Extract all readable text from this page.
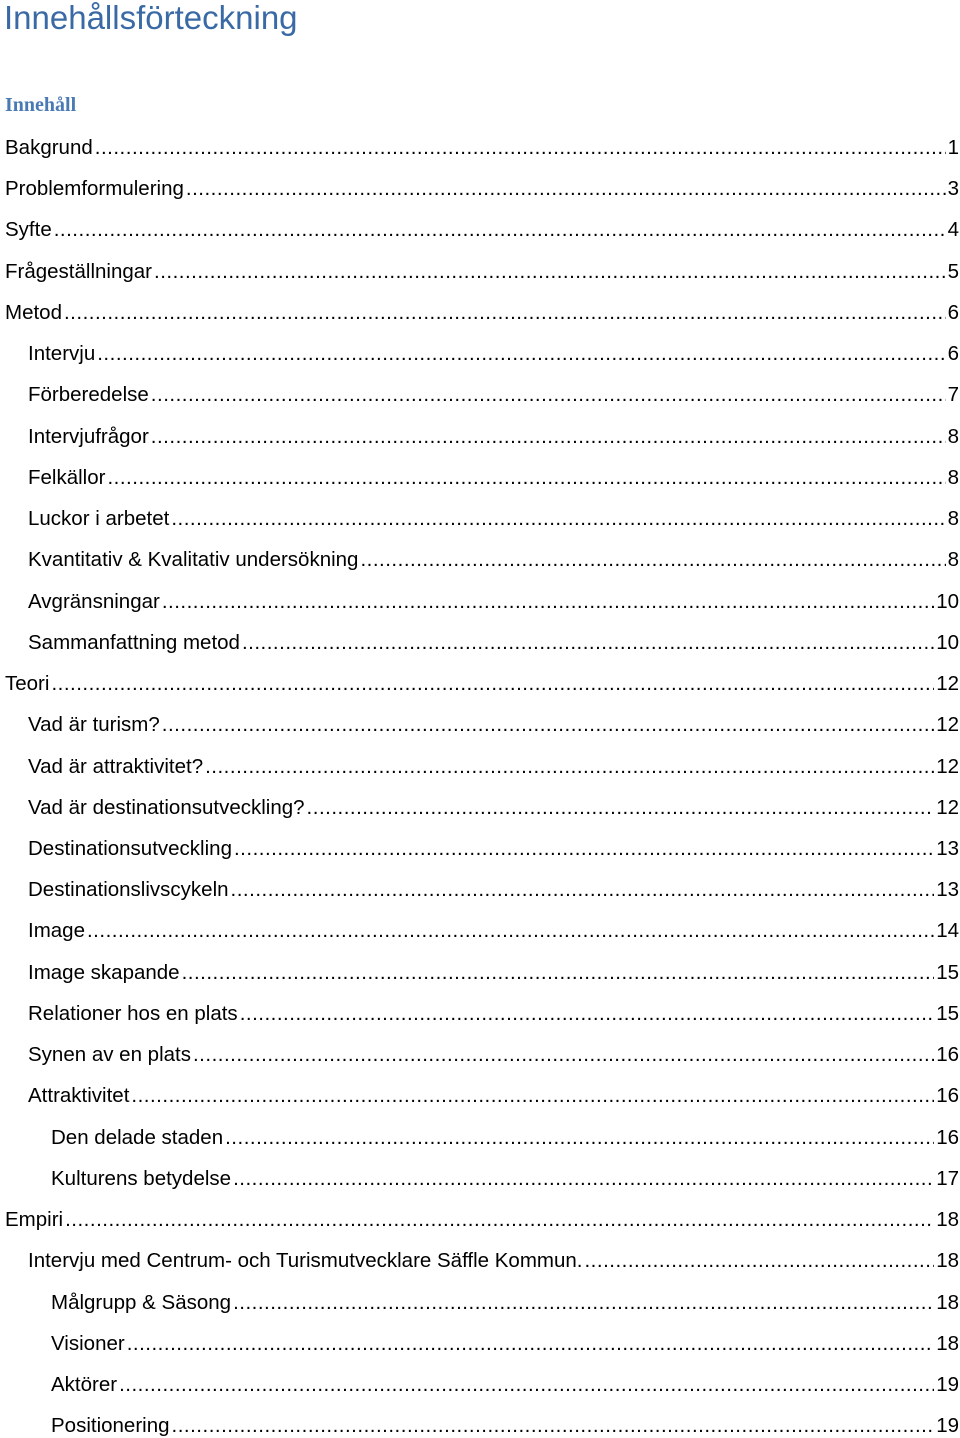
Innehållsförteckning
Innehåll
Bakgrund .....	1
Problemformulering .....	3
Syfte .....	4
Frågeställningar .....	5
Metod .....	6
Intervju .....	6
Förberedelse .....	7
Intervjufrågor .....	8
Felkällor .....	8
Luckor i arbetet .....	8
Kvantitativ & Kvalitativ undersökning .....	8
Avgränsningar .....	10
Sammanfattning metod .....	10
Teori .....	12
Vad är turism? .....	12
Vad är attraktivitet? .....	12
Vad är destinationsutveckling? .....	12
Destinationsutveckling .....	13
Destinationslivscykeln .....	13
Image .....	14
Image skapande .....	15
Relationer hos en plats .....	15
Synen av en plats .....	16
Attraktivitet .....	16
Den delade staden .....	16
Kulturens betydelse .....	17
Empiri .....	18
Intervju med Centrum- och Turismutvecklare Säffle Kommun. .....	18
Målgrupp & Säsong .....	18
Visioner .....	18
Aktörer .....	19
Positionering .....	19
